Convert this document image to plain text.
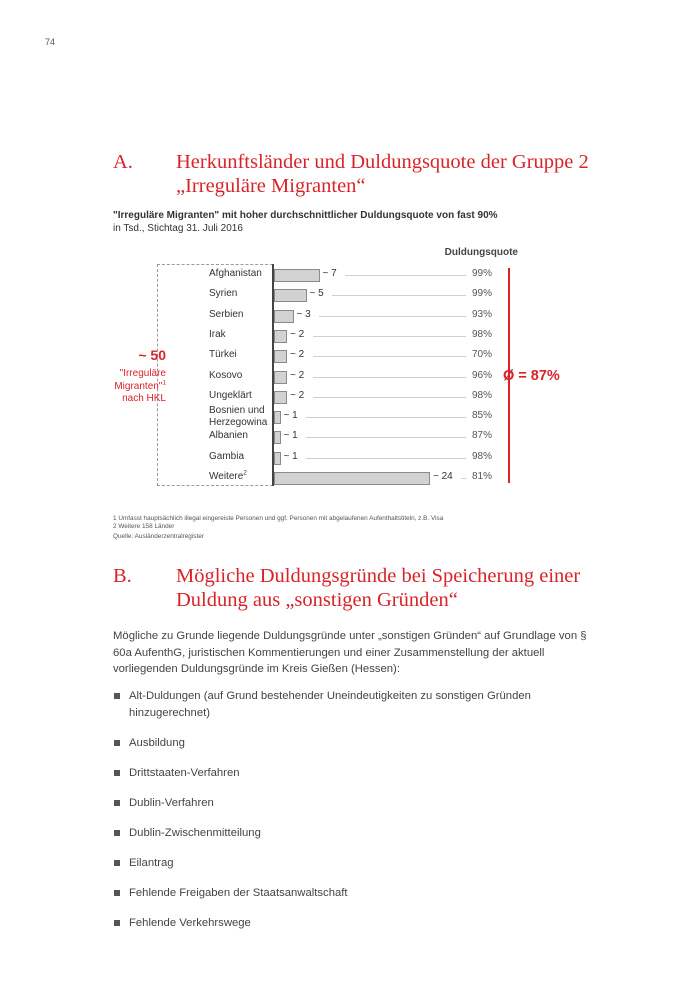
74
A. Herkunftsländer und Duldungsquote der Gruppe 2
„Irreguläre Migranten“
"Irreguläre Migranten" mit hoher durchschnittlicher Duldungsquote von fast 90%
in Tsd., Stichtag 31. Juli 2016
Duldungsquote
~ 50
"Irreguläre
Migranten"$^1$
nach HKL
Afghanistan	~ 7	99%
Syrien	~ 5	99%
Serbien	~ 3	93%
Irak	~ 2	98%
Türkei	~ 2	70%
Kosovo	~ 2	96%
Ungeklärt	~ 2	98%
Bosnien und
Herzegowina
~ 1	85%
Albanien	~ 1	87%
Gambia	~ 1	98%
Weitere$^2$	~ 24 81%
Ø = 87%
1 Umfasst hauptsächlich illegal eingereiste Personen und ggf. Personen mit abgelaufenen Aufenthaltstiteln, z.B. Visa
2 Weitere 158 Länder
Quelle: Ausländerzentralregister
B. Mögliche Duldungsgründe bei Speicherung einer
Duldung aus „sonstigen Gründen“
Mögliche zu Grunde liegende Duldungsgründe unter „sonstigen Gründen“ auf Grundlage von § 60a AufenthG, juristischen Kommentierungen und einer Zusammenstellung der aktuell vorliegenden Duldungsgründe im Kreis Gießen (Hessen):
Alt-Duldungen (auf Grund bestehender Uneindeutigkeiten zu sonstigen Gründen hinzugerechnet)
Ausbildung
Drittstaaten-Verfahren
Dublin-Verfahren
Dublin-Zwischenmitteilung
Eilantrag
Fehlende Freigaben der Staatsanwaltschaft
Fehlende Verkehrswege
